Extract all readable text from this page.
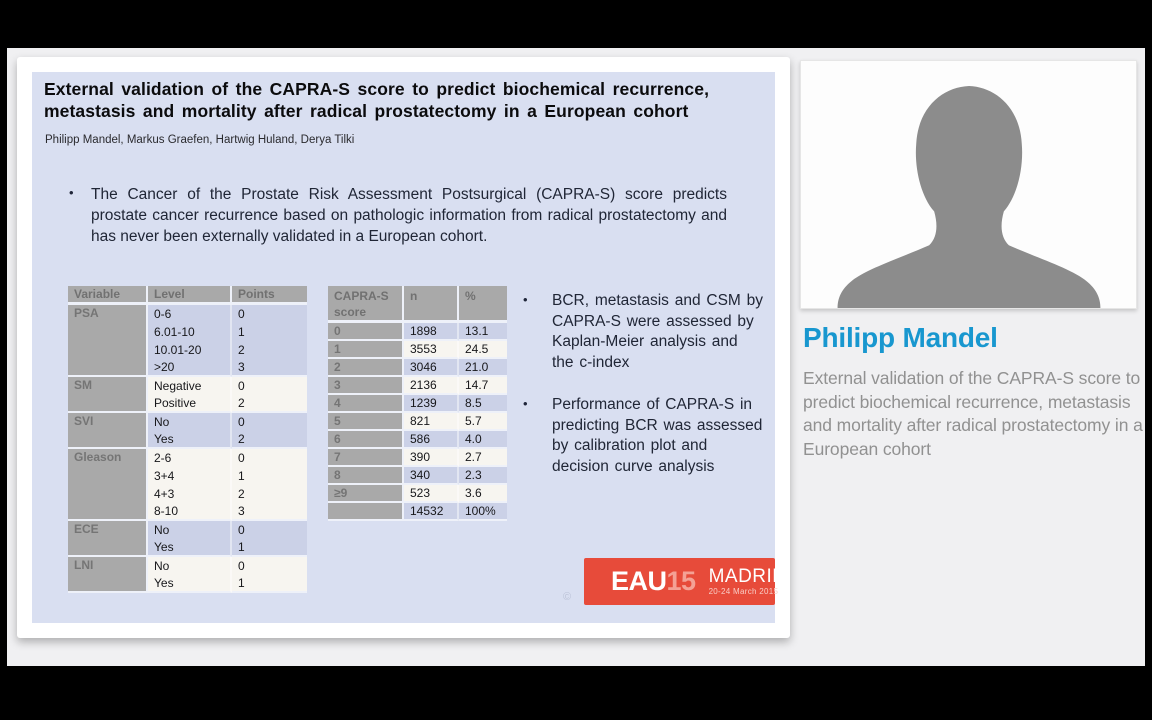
External validation of the CAPRA-S score to predict biochemical recurrence, metastasis and mortality after radical prostatectomy in a European cohort
Philipp Mandel, Markus Graefen, Hartwig Huland, Derya Tilki
•	The Cancer of the Prostate Risk Assessment Postsurgical (CAPRA-S) score predicts prostate cancer recurrence based on pathologic information from radical prostatectomy and has never been externally validated in a European cohort.
Variable	Level	Points
PSA	0-6	0
	6.01-10	1
	10.01-20	2
	>20	3
SM	Negative	0
	Positive	2
SVI	No	0
	Yes	2
Gleason	2-6	0
	3+4	1
	4+3	2
	8-10	3
ECE	No	0
	Yes	1
LNI	No	0
	Yes	1
CAPRA-S score	n	%
0	1898	13.1
1	3553	24.5
2	3046	21.0
3	2136	14.7
4	1239	8.5
5	821	5.7
6	586	4.0
7	390	2.7
8	340	2.3
≥9	523	3.6
	14532	100%
•	BCR, metastasis and CSM by CAPRA-S were assessed by Kaplan-Meier analysis and the c-index
•	Performance of CAPRA-S in predicting BCR was assessed by calibration plot and decision curve analysis
©
EAU 15 MADRID
20-24 March 2015
Philipp Mandel
External validation of the CAPRA-S score to predict biochemical recurrence, metastasis and mortality after radical prostatectomy in a European cohort
